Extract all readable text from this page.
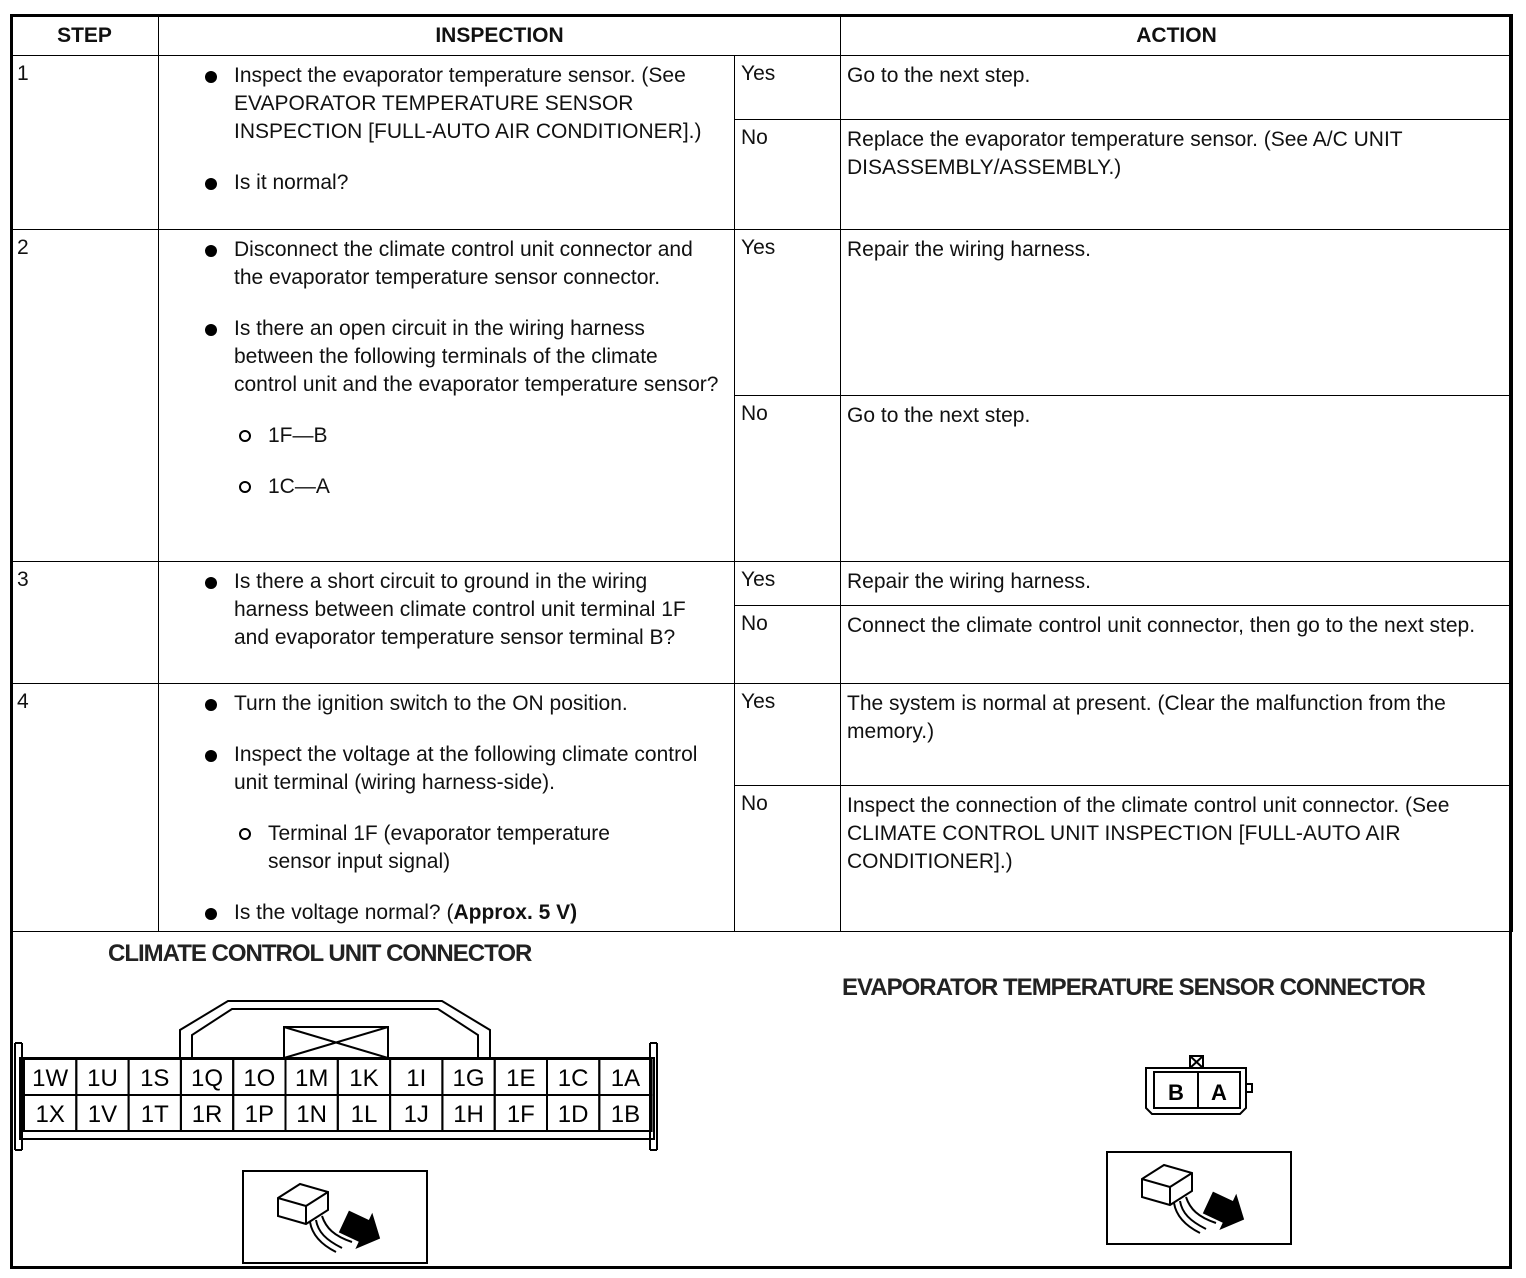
STEP	INSPECTION		ACTION
1	Inspect the evaporator temperature sensor. (See EVAPORATOR TEMPERATURE SENSOR INSPECTION [FULL-AUTO AIR CONDITIONER].)
Is it normal?	Yes	Go to the next step.
		No	Replace the evaporator temperature sensor. (See A/C UNIT DISASSEMBLY/ASSEMBLY.)
2	Disconnect the climate control unit connector and the evaporator temperature sensor connector.
Is there an open circuit in the wiring harness between the following terminals of the climate control unit and the evaporator temperature sensor?
1F—B
1C—A	Yes	Repair the wiring harness.
		No	Go to the next step.
3	Is there a short circuit to ground in the wiring harness between climate control unit terminal 1F and evaporator temperature sensor terminal B?	Yes	Repair the wiring harness.
		No	Connect the climate control unit connector, then go to the next step.
4	Turn the ignition switch to the ON position.
Inspect the voltage at the following climate control unit terminal (wiring harness-side).
Terminal 1F (evaporator temperature sensor input signal)
Is the voltage normal? (Approx. 5 V)	Yes	The system is normal at present. (Clear the malfunction from the memory.)
		No	Inspect the connection of the climate control unit connector. (See CLIMATE CONTROL UNIT INSPECTION [FULL-AUTO AIR CONDITIONER].)
CLIMATE CONTROL UNIT CONNECTOR
EVAPORATOR TEMPERATURE SENSOR CONNECTOR
1W 1U 1S 1Q 1O 1M 1K 1I 1G 1E 1C 1A
1X 1V 1T 1R 1P 1N 1L 1J 1H 1F 1D 1B
B A
